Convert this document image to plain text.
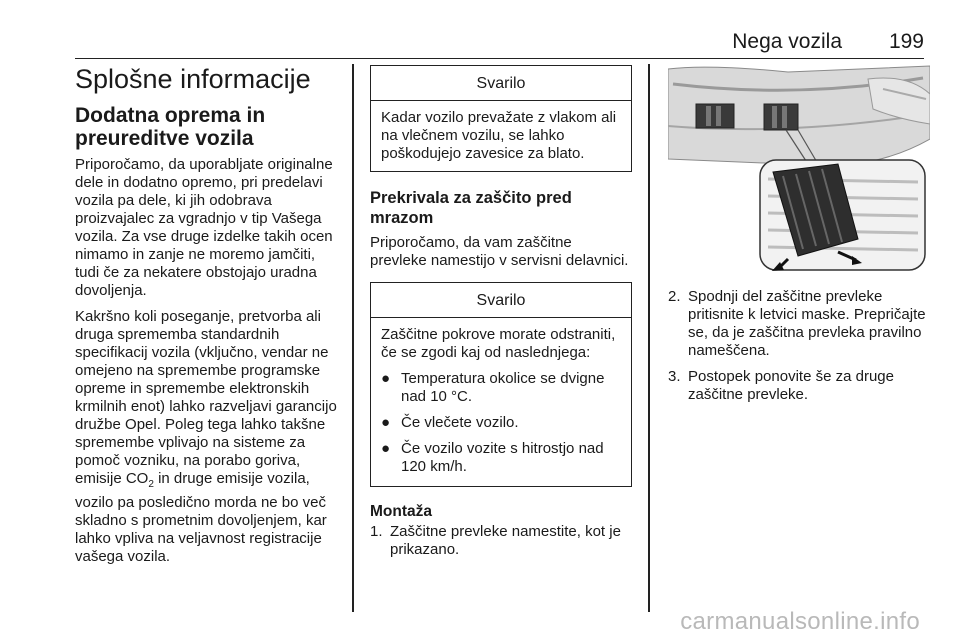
Nega vozila 199
Splošne informacije
Dodatna oprema in preureditve vozila

Priporočamo, da uporabljate originalne dele in dodatno opremo, pri predelavi vozila pa dele, ki jih odobrava proizvajalec za vgradnjo v tip Vašega vozila. Za vse druge izdelke takih ocen nimamo in zanje ne moremo jamčiti, tudi če za nekatere obstojajo uradna dovoljenja.

Kakršno koli poseganje, pretvorba ali druga sprememba standardnih specifikacij vozila (vključno, vendar ne omejeno na spremembe programske opreme in spremembe elektronskih krmilnih enot) lahko razveljavi garancijo družbe Opel. Poleg tega lahko takšne spremembe vplivajo na sisteme za pomoč vozniku, na porabo goriva, emisije $CO_2$ in druge emisije vozila, vozilo pa posledično morda ne bo več skladno s prometnim dovoljenjem, kar lahko vpliva na veljavnost registracije vašega vozila.

Svarilo

Kadar vozilo prevažate z vlakom ali na vlečnem vozilu, se lahko poškodujejo zavesice za blato.

Prekrivala za zaščito pred mrazom

Priporočamo, da vam zaščitne prevleke namestijo v servisni delavnici.

Svarilo

Zaščitne pokrove morate odstraniti, če se zgodi kaj od naslednjega:

● Temperatura okolice se dvigne nad 10 °C.
● Če vlečete vozilo.
● Če vozilo vozite s hitrostjo nad 120 km/h.
Montaža
1. Zaščitne prevleke namestite, kot je prikazano.
2. Spodnji del zaščitne prevleke pritisnite k letvici maske. Prepričajte se, da je zaščitna prevleka pravilno nameščena.
3. Postopek ponovite še za druge zaščitne prevleke.
carmanualsonline.info
